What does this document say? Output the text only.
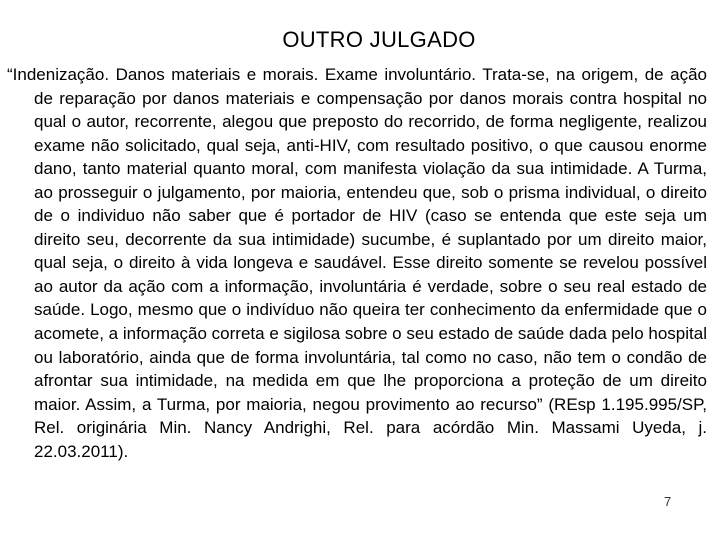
OUTRO JULGADO

“Indenização. Danos materiais e morais. Exame involuntário. Trata-se, na origem, de ação de reparação por danos materiais e compensação por danos morais contra hospital no qual o autor, recorrente, alegou que preposto do recorrido, de forma negligente, realizou exame não solicitado, qual seja, anti-HIV, com resultado positivo, o que causou enorme dano, tanto material quanto moral, com manifesta violação da sua intimidade. A Turma, ao prosseguir o julgamento, por maioria, entendeu que, sob o prisma individual, o direito de o individuo não saber que é portador de HIV (caso se entenda que este seja um direito seu, decorrente da sua intimidade) sucumbe, é suplantado por um direito maior, qual seja, o direito à vida longeva e saudável. Esse direito somente se revelou possível ao autor da ação com a informação, involuntária é verdade, sobre o seu real estado de saúde. Logo, mesmo que o indivíduo não queira ter conhecimento da enfermidade que o acomete, a informação correta e sigilosa sobre o seu estado de saúde dada pelo hospital ou laboratório, ainda que de forma involuntária, tal como no caso, não tem o condão de afrontar sua intimidade, na medida em que lhe proporciona a proteção de um direito maior. Assim, a Turma, por maioria, negou provimento ao recurso” (REsp 1.195.995/SP, Rel. originária Min. Nancy Andrighi, Rel. para acórdão Min. Massami Uyeda, j. 22.03.2011).

7
